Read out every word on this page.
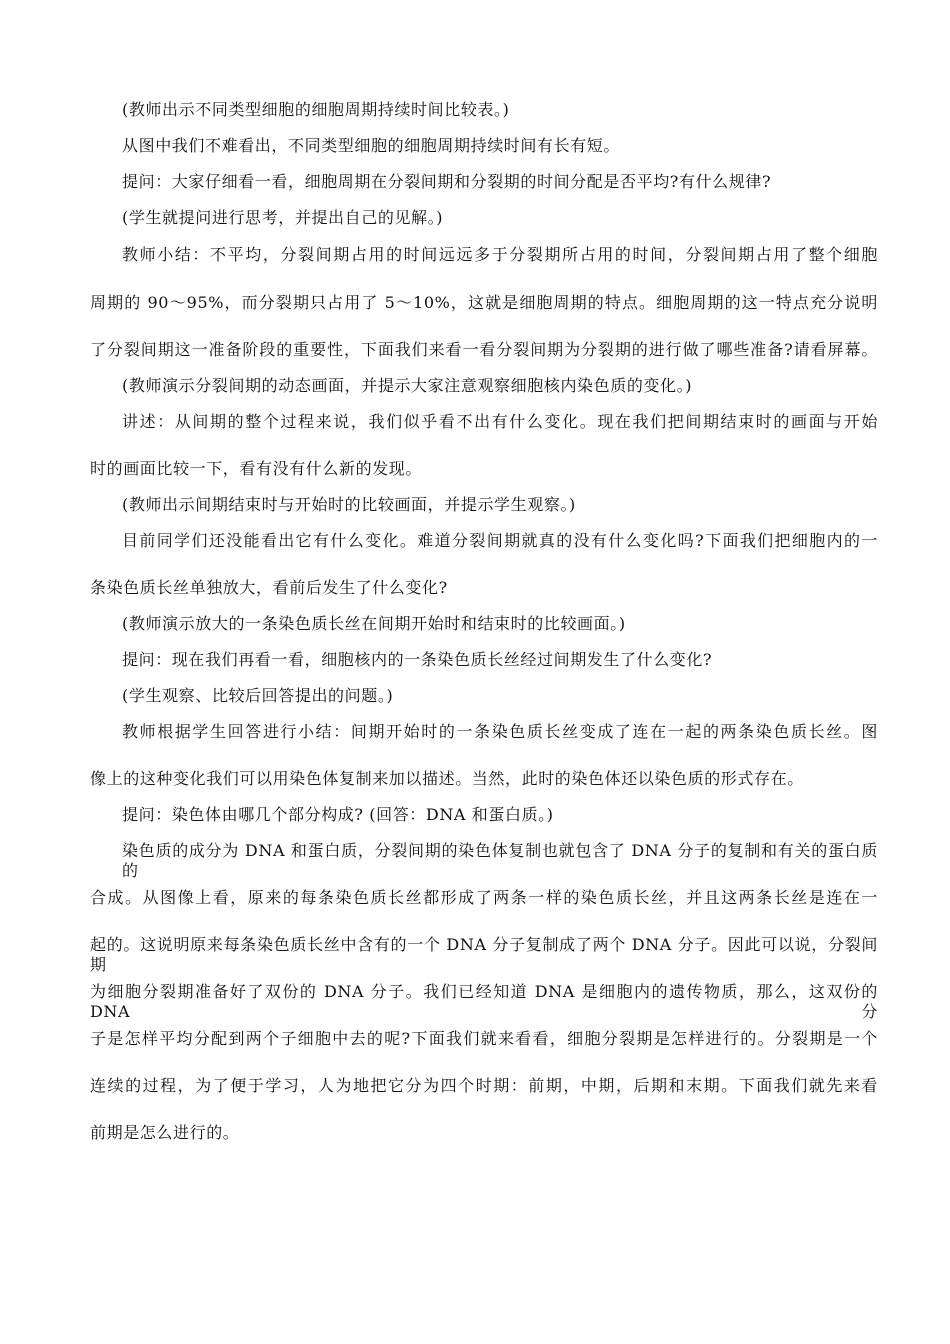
(教师出示不同类型细胞的细胞周期持续时间比较表。)
从图中我们不难看出，不同类型细胞的细胞周期持续时间有长有短。
提问：大家仔细看一看，细胞周期在分裂间期和分裂期的时间分配是否平均?有什么规律?
(学生就提问进行思考，并提出自己的见解。)
教师小结：不平均，分裂间期占用的时间远远多于分裂期所占用的时间，分裂间期占用了整个细胞
周期的 90～95%，而分裂期只占用了 5～10%，这就是细胞周期的特点。细胞周期的这一特点充分说明
了分裂间期这一准备阶段的重要性，下面我们来看一看分裂间期为分裂期的进行做了哪些准备?请看屏幕。
(教师演示分裂间期的动态画面，并提示大家注意观察细胞核内染色质的变化。)
讲述：从间期的整个过程来说，我们似乎看不出有什么变化。现在我们把间期结束时的画面与开始
时的画面比较一下，看有没有什么新的发现。
(教师出示间期结束时与开始时的比较画面，并提示学生观察。)
目前同学们还没能看出它有什么变化。难道分裂间期就真的没有什么变化吗?下面我们把细胞内的一
条染色质长丝单独放大，看前后发生了什么变化?
(教师演示放大的一条染色质长丝在间期开始时和结束时的比较画面。)
提问：现在我们再看一看，细胞核内的一条染色质长丝经过间期发生了什么变化?
(学生观察、比较后回答提出的问题。)
教师根据学生回答进行小结：间期开始时的一条染色质长丝变成了连在一起的两条染色质长丝。图
像上的这种变化我们可以用染色体复制来加以描述。当然，此时的染色体还以染色质的形式存在。
提问：染色体由哪几个部分构成? (回答：DNA 和蛋白质。)
染色质的成分为 DNA 和蛋白质，分裂间期的染色体复制也就包含了 DNA 分子的复制和有关的蛋白质的
合成。从图像上看，原来的每条染色质长丝都形成了两条一样的染色质长丝，并且这两条长丝是连在一
起的。这说明原来每条染色质长丝中含有的一个 DNA 分子复制成了两个 DNA 分子。因此可以说，分裂间期
为细胞分裂期准备好了双份的 DNA 分子。我们已经知道 DNA 是细胞内的遗传物质，那么，这双份的 DNA 分
子是怎样平均分配到两个子细胞中去的呢?下面我们就来看看，细胞分裂期是怎样进行的。分裂期是一个
连续的过程，为了便于学习，人为地把它分为四个时期：前期，中期，后期和末期。下面我们就先来看
前期是怎么进行的。
